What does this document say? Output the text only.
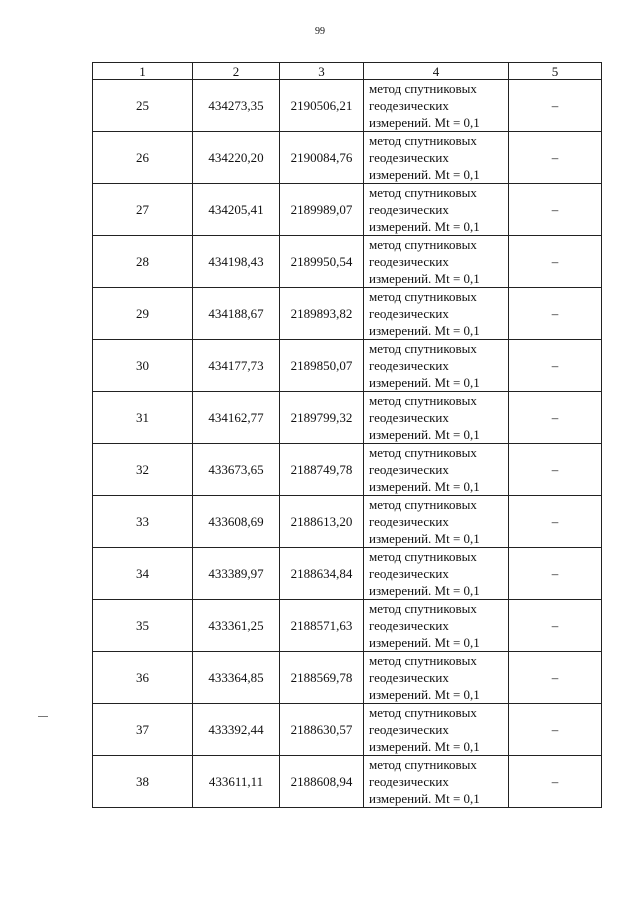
99
1	2	3	4	5
25	434273,35	2190506,21	метод спутниковых
геодезических
измерений. Mt = 0,1	–
26	434220,20	2190084,76	метод спутниковых
геодезических
измерений. Mt = 0,1	–
27	434205,41	2189989,07	метод спутниковых
геодезических
измерений. Mt = 0,1	–
28	434198,43	2189950,54	метод спутниковых
геодезических
измерений. Mt = 0,1	–
29	434188,67	2189893,82	метод спутниковых
геодезических
измерений. Mt = 0,1	–
30	434177,73	2189850,07	метод спутниковых
геодезических
измерений. Mt = 0,1	–
31	434162,77	2189799,32	метод спутниковых
геодезических
измерений. Mt = 0,1	–
32	433673,65	2188749,78	метод спутниковых
геодезических
измерений. Mt = 0,1	–
33	433608,69	2188613,20	метод спутниковых
геодезических
измерений. Mt = 0,1	–
34	433389,97	2188634,84	метод спутниковых
геодезических
измерений. Mt = 0,1	–
35	433361,25	2188571,63	метод спутниковых
геодезических
измерений. Mt = 0,1	–
36	433364,85	2188569,78	метод спутниковых
геодезических
измерений. Mt = 0,1	–
37	433392,44	2188630,57	метод спутниковых
геодезических
измерений. Mt = 0,1	–
38	433611,11	2188608,94	метод спутниковых
геодезических
измерений. Mt = 0,1	–
